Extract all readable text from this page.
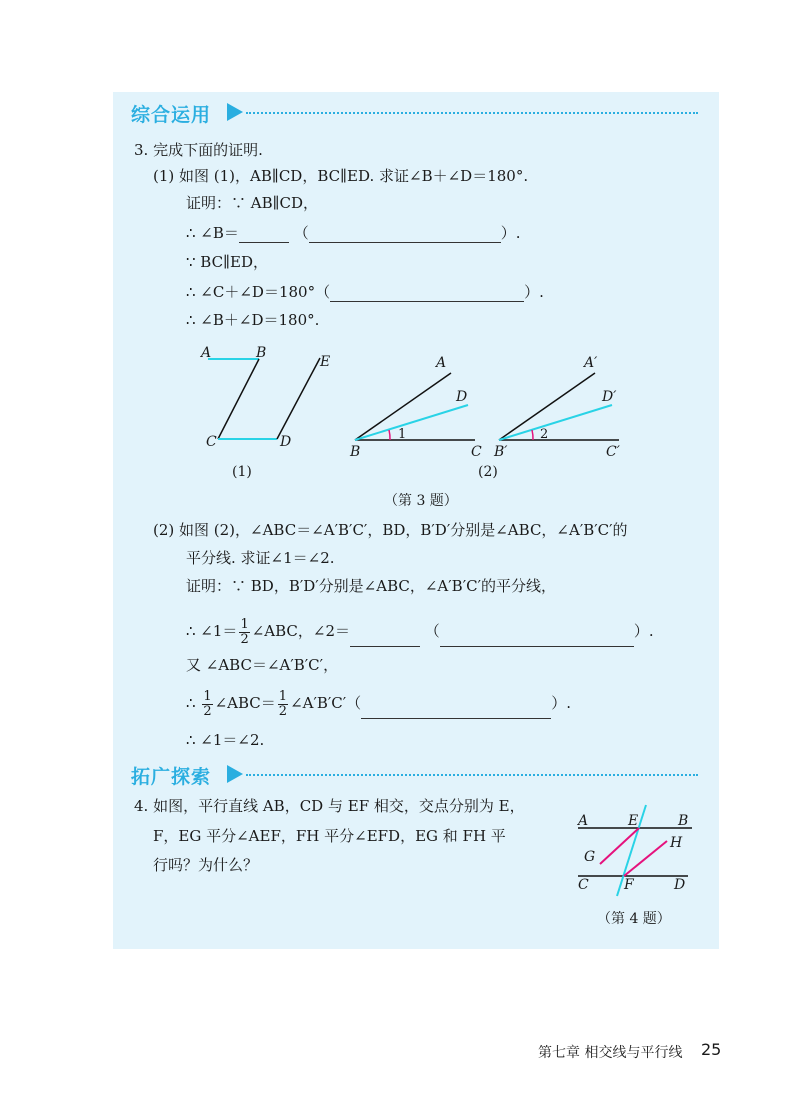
综合运用
3. 完成下面的证明.
(1) 如图 (1)，AB∥CD，BC∥ED. 求证∠B＋∠D＝180°.
证明：∵ AB∥CD，
∴ ∠B＝	（	）.
∵ BC∥ED，
∴ ∠C＋∠D＝180°（	）.
∴ ∠B＋∠D＝180°.
A	B
E
C	D
(1)
A
D
B	C
1
A′
D′
B′	C′
2
(2)
（第 3 题）
(2) 如图 (2)，∠ABC＝∠A′B′C′，BD，B′D′分别是∠ABC，∠A′B′C′的
平分线. 求证∠1＝∠2.
证明：∵ BD，B′D′分别是∠ABC，∠A′B′C′的平分线，
∴ ∠1＝ $\frac{1}{2}$ ∠ABC，∠2＝	（	）.
又 ∠ABC＝∠A′B′C′，
∴ $\frac{1}{2}$ ∠ABC＝ $\frac{1}{2}$ ∠A′B′C′（	）.
∴ ∠1＝∠2.
拓广探索
4. 如图，平行直线 AB，CD 与 EF 相交，交点分别为 E，
F，EG 平分∠AEF，FH 平分∠EFD，EG 和 FH 平
行吗？为什么？
A	E	B
H
G
C	F	D
（第 4 题）
第七章 相交线与平行线 25
